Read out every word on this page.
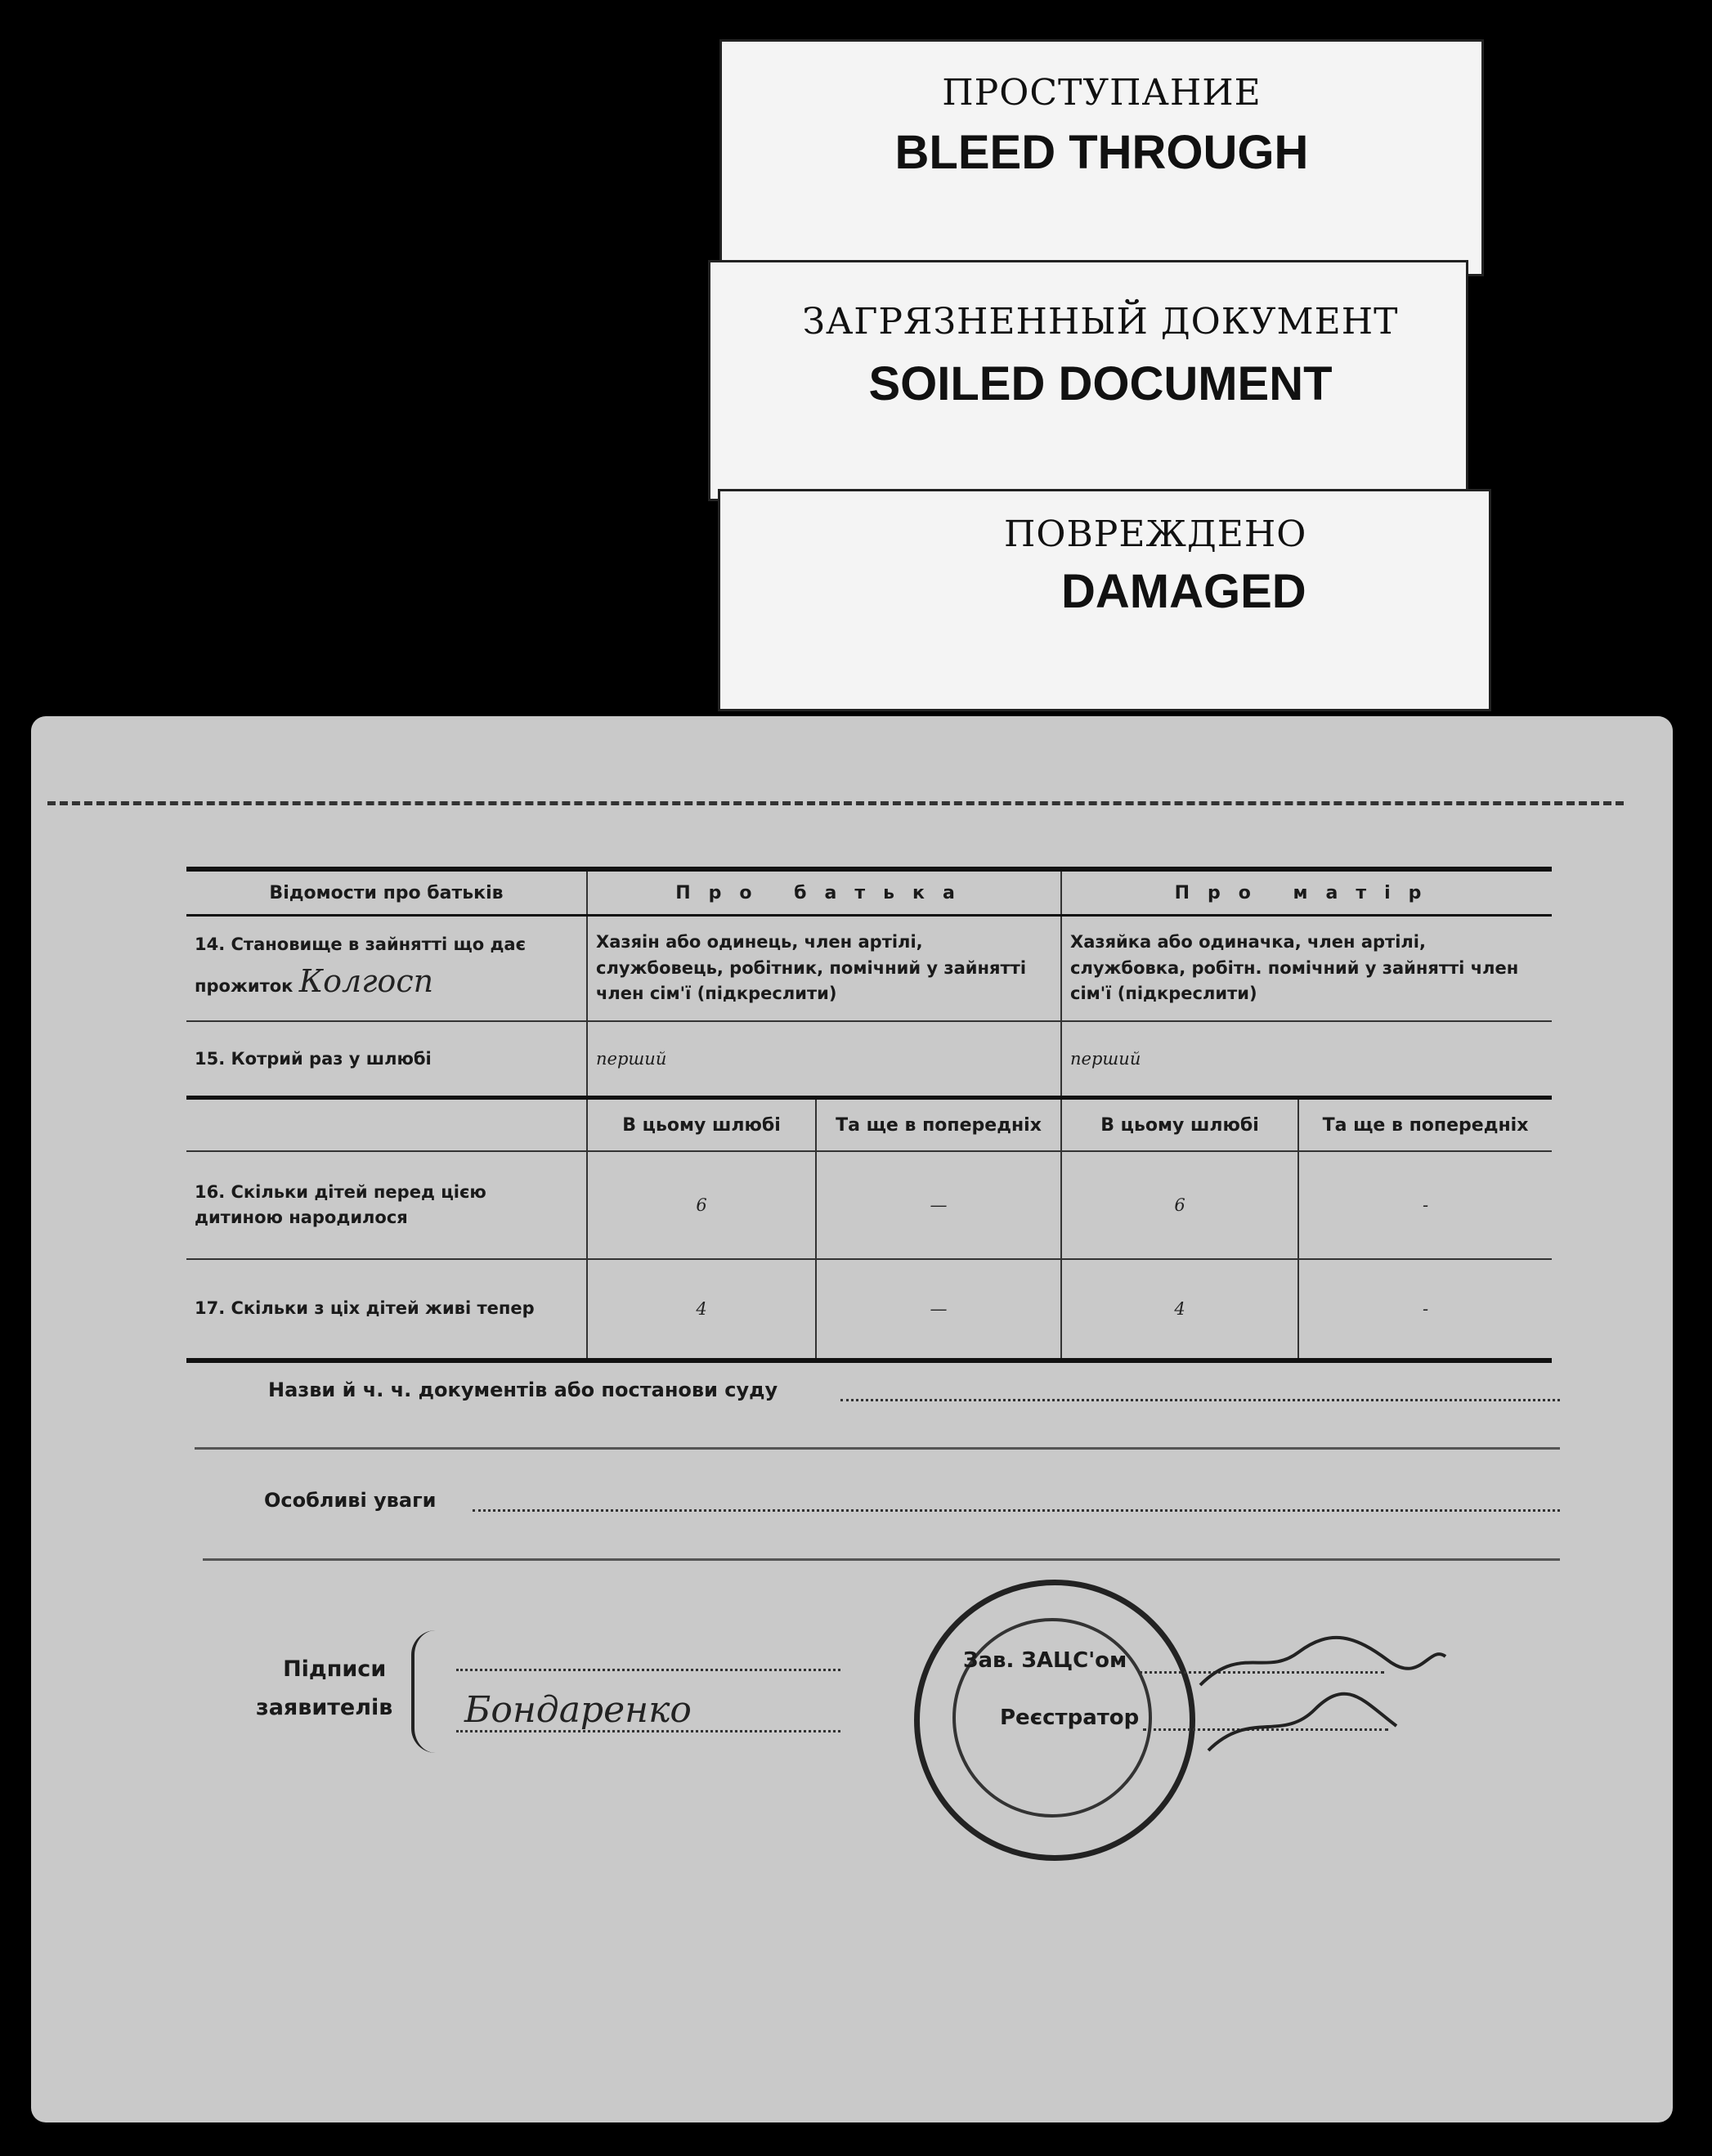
ПРОСТУПАНИЕ
BLEED THROUGH
ЗАГРЯЗНЕННЫЙ ДОКУМЕНТ
SOILED DOCUMENT
ПОВРЕЖДЕНО
DAMAGED
Відомости про батьків	Про батька		Про матір	
14. Становище в зайнятті що дає прожиток Колгосп	Хазяін або одинець, член артілі, службовець, робітник, помічний у зайнятті член сім'ї (підкреслити)		Хазяйка або одиначка, член артілі, службовка, робітн. помічний у зайнятті член сім'ї (підкреслити)	
15. Котрий раз у шлюбі	перший		перший	
	В цьому шлюбі	Та ще в попередніх	В цьому шлюбі	Та ще в попередніх
16. Скільки дітей перед цією дитиною народилося	6	—	6	-
17. Скільки з ціх дітей живі тепер	4	—	4	-
Назви й ч. ч. документів або постанови суду
Особливі уваги
Підписи
заявителів Бондаренко
Зав. ЗАЦС'ом
Реєстратор
